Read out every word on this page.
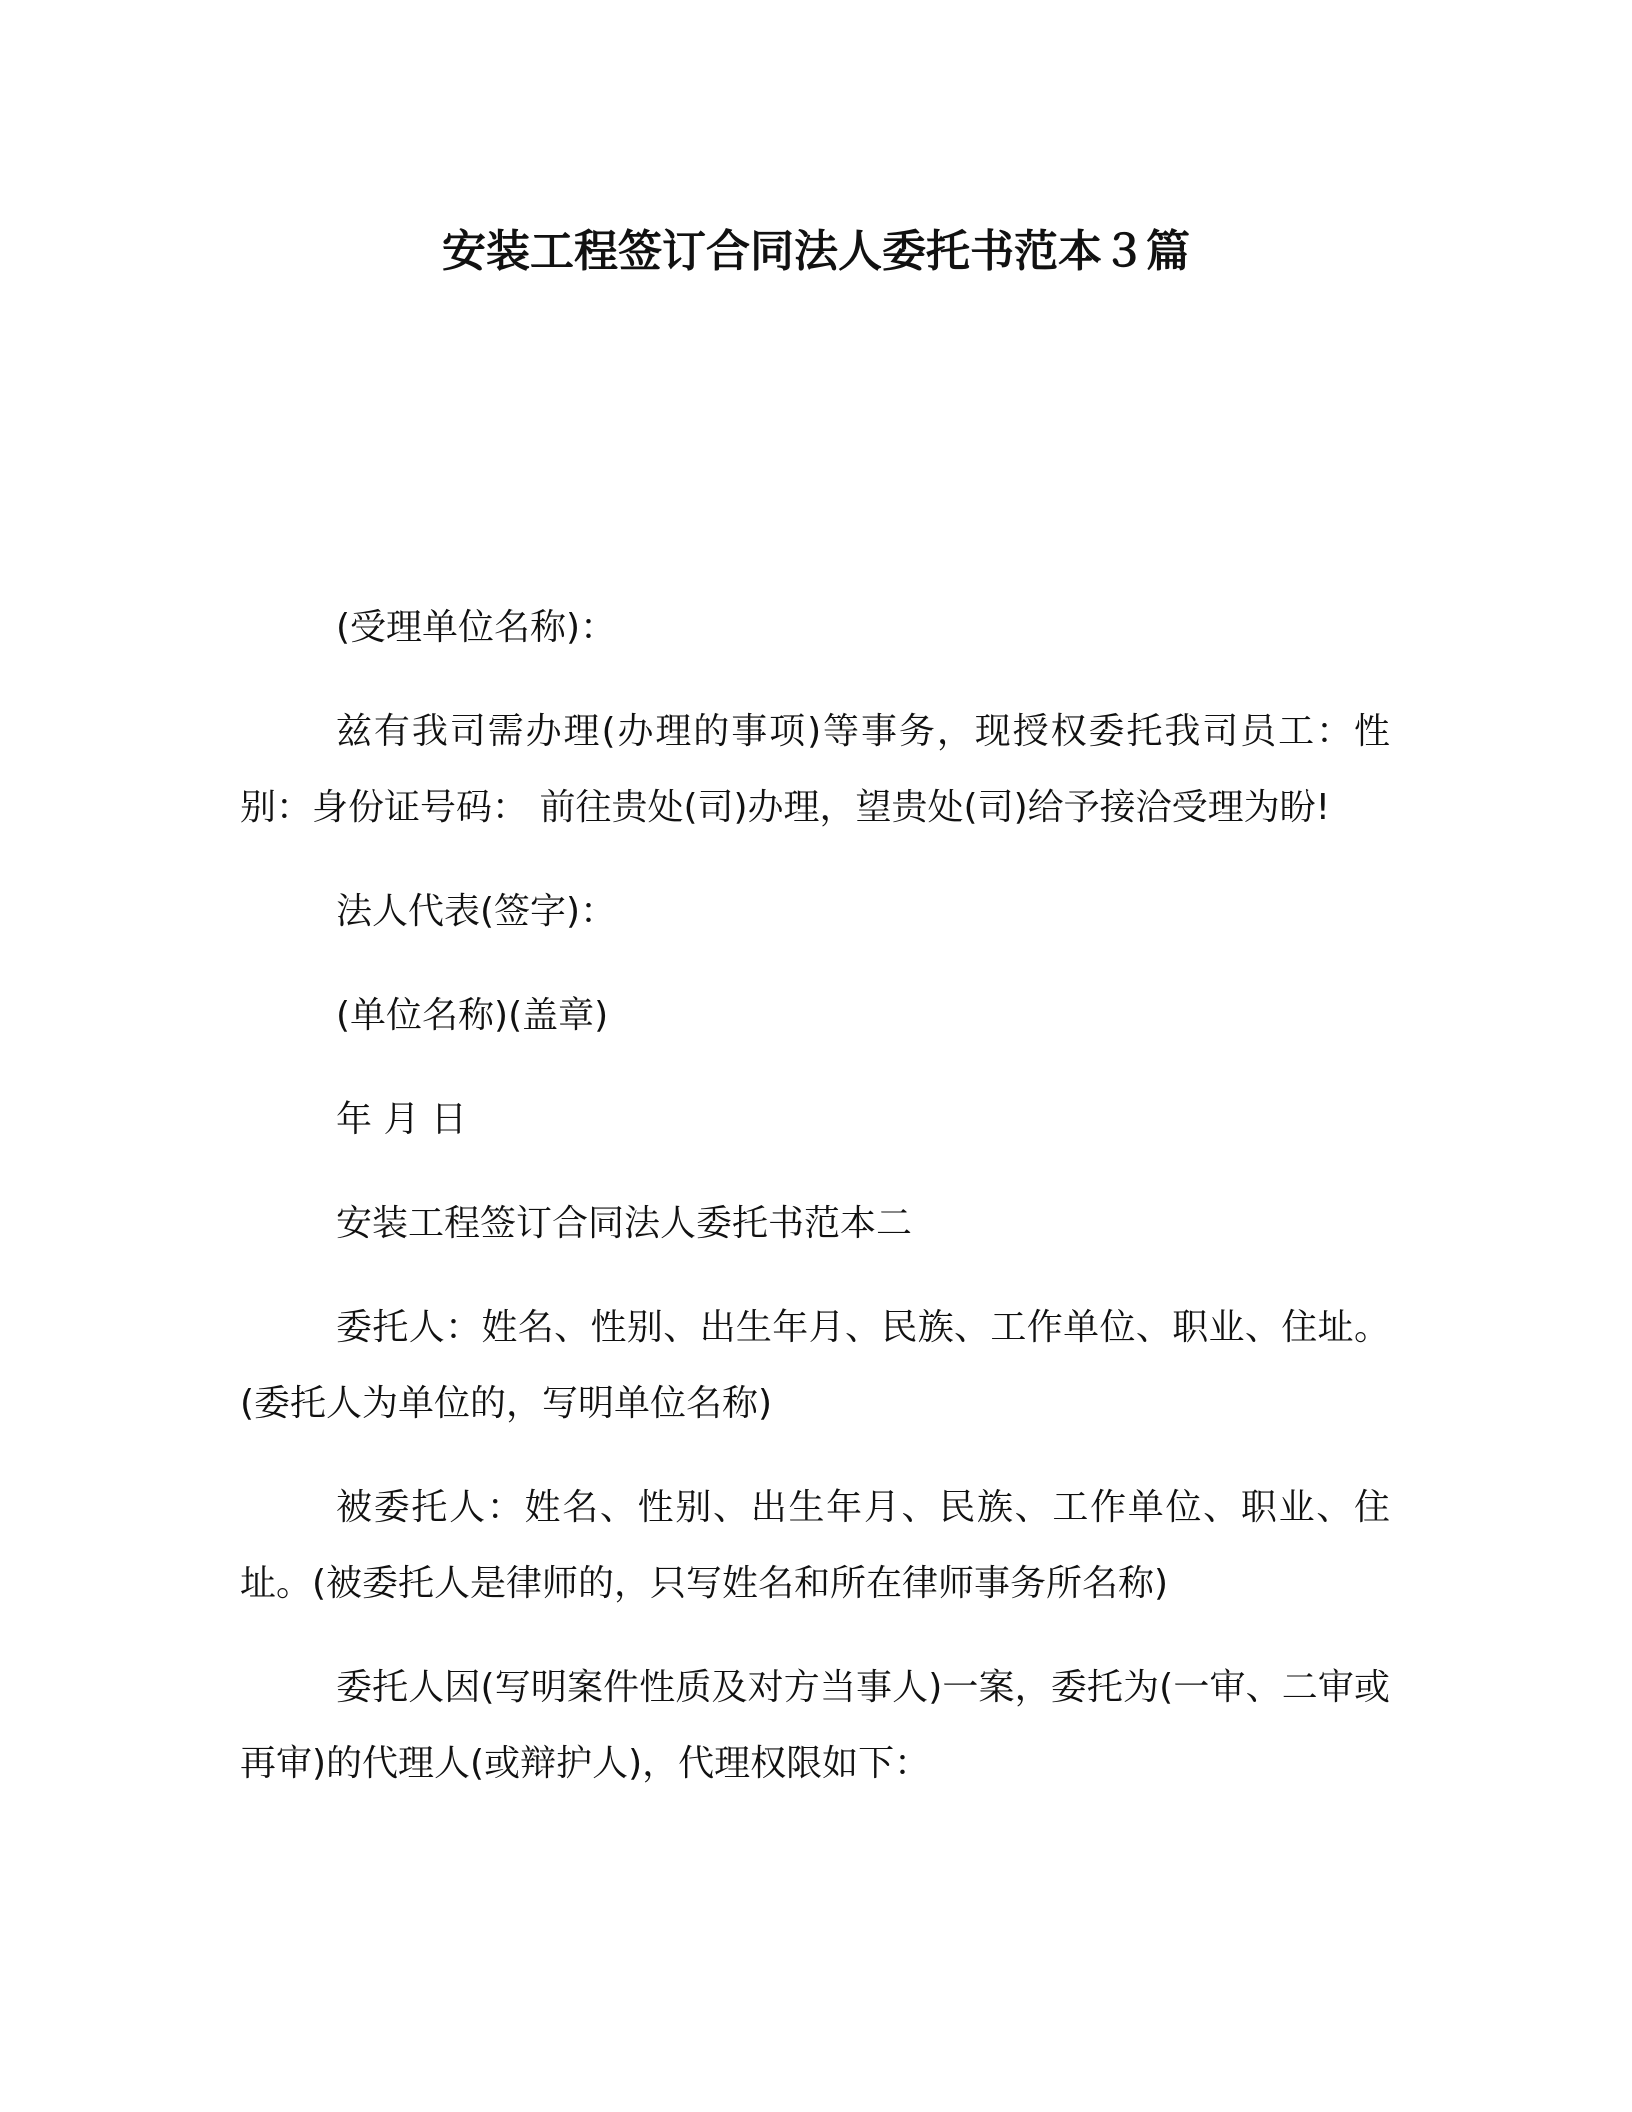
安装工程签订合同法人委托书范本３篇

(受理单位名称)：

兹有我司需办理(办理的事项)等事务，现授权委托我司员工：性别：身份证号码： 前往贵处(司)办理，望贵处(司)给予接洽受理为盼!

法人代表(签字)：

(单位名称)(盖章)

年 月 日

安装工程签订合同法人委托书范本二

委托人：姓名、性别、出生年月、民族、工作单位、职业、住址。(委托人为单位的，写明单位名称)

被委托人：姓名、性别、出生年月、民族、工作单位、职业、住址。(被委托人是律师的，只写姓名和所在律师事务所名称)

委托人因(写明案件性质及对方当事人)一案，委托为(一审、二审或再审)的代理人(或辩护人)，代理权限如下：
